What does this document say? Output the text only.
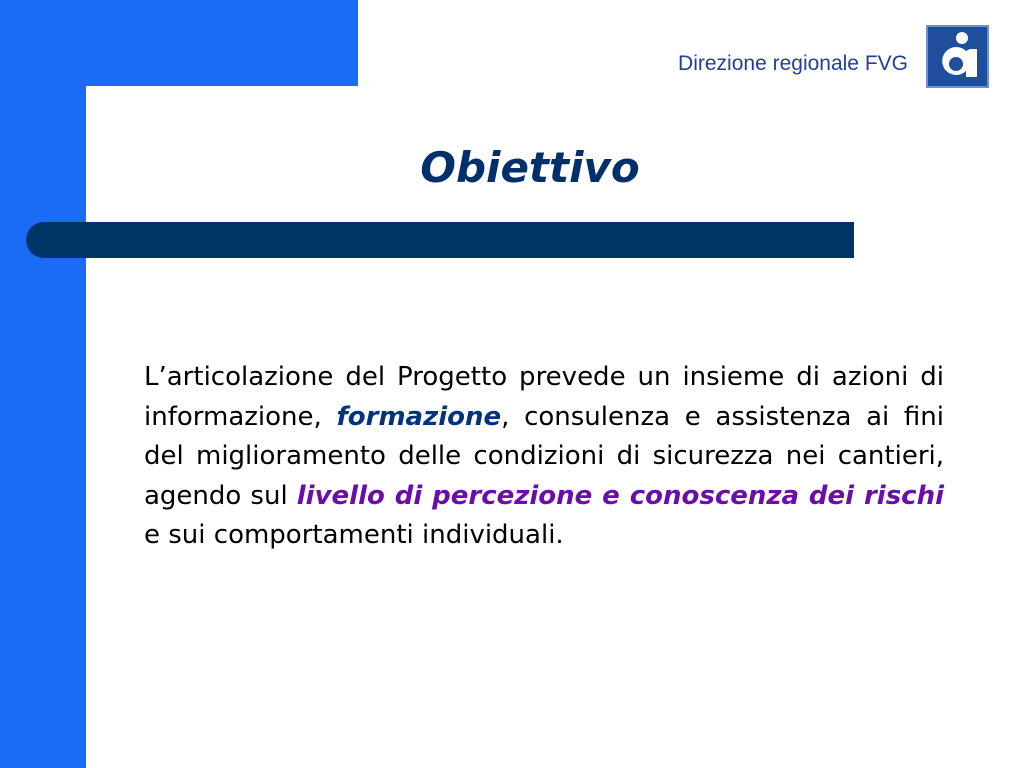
Direzione regionale FVG
Obiettivo
L’articolazione del Progetto prevede un insieme di azioni di informazione, formazione, consulenza e assistenza ai fini del miglioramento delle condizioni di sicurezza nei cantieri, agendo sul livello di percezione e conoscenza dei rischi e sui comportamenti individuali.
